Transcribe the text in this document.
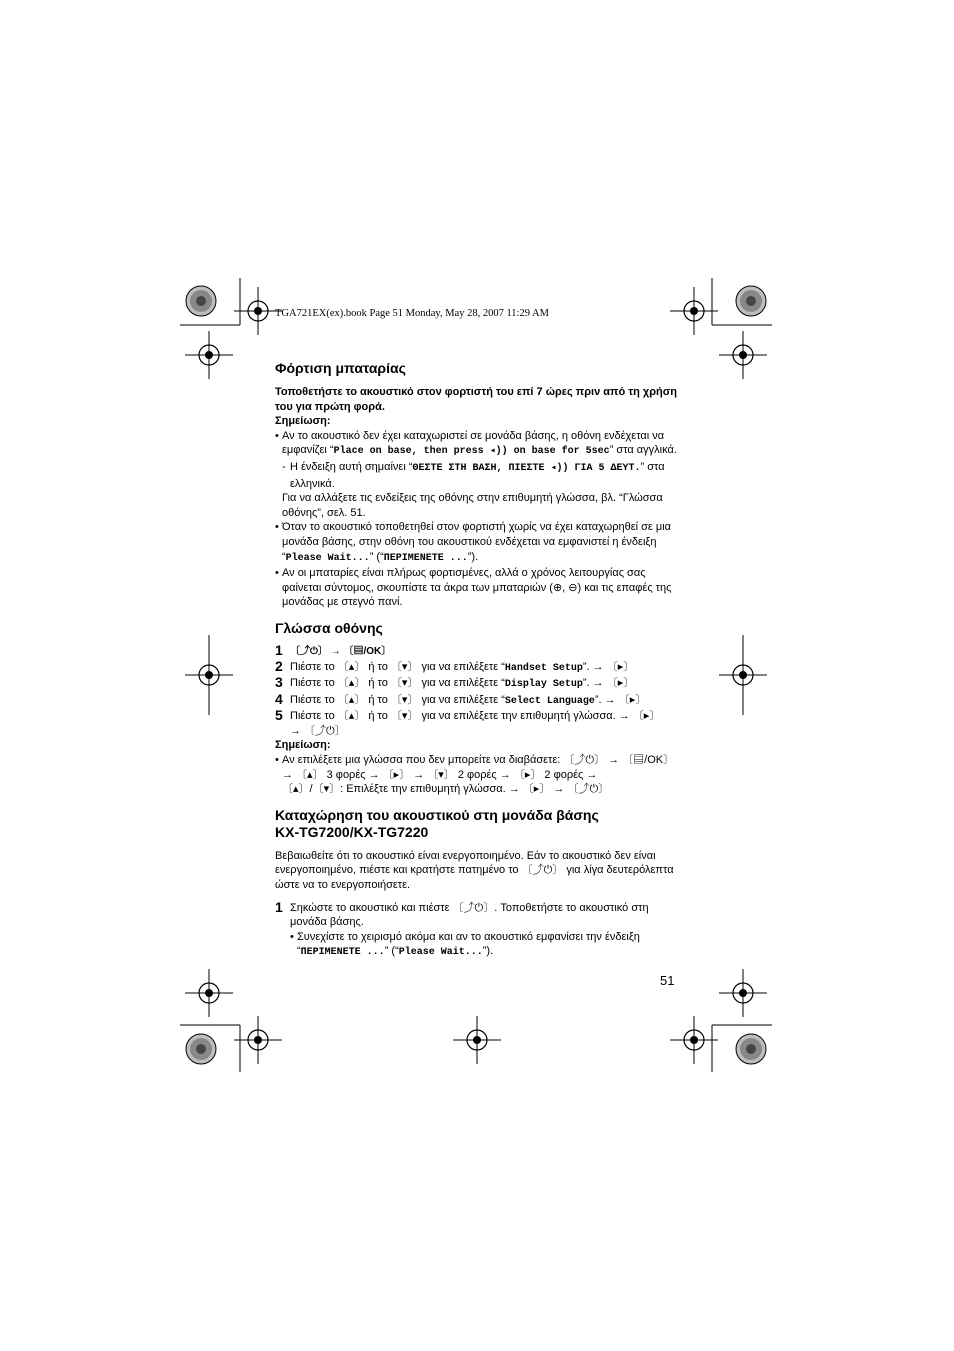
TGA721EX(ex).book Page 51 Monday, May 28, 2007 11:29 AM
Φόρτιση μπαταρίας

Τοποθετήστε το ακουστικό στον φορτιστή του επί 7 ώρες πριν από τη χρήση του για πρώτη φορά.

Σημείωση:

• Αν το ακουστικό δεν έχει καταχωριστεί σε μονάδα βάσης, η οθόνη ενδέχεται να εμφανίζει “Place on base, then press ◂)) on base for 5sec” στα αγγλικά.

- Η ένδειξη αυτή σημαίνει “ΘΕΣΤΕ ΣΤΗ ΒΑΣΗ, ΠΙΕΣΤΕ ◂)) ΓΙΑ 5 ΔΕΥΤ.” στα ελληνικά.

Για να αλλάξετε τις ενδείξεις της οθόνης στην επιθυμητή γλώσσα, βλ. “Γλώσσα οθόνης”, σελ. 51.

• Όταν το ακουστικό τοποθετηθεί στον φορτιστή χωρίς να έχει καταχωρηθεί σε μια μονάδα βάσης, στην οθόνη του ακουστικού ενδέχεται να εμφανιστεί η ένδειξη “Please Wait...” (“ΠΕΡΙΜΕΝΕΤΕ ...”).

• Αν οι μπαταρίες είναι πλήρως φορτισμένες, αλλά ο χρόνος λειτουργίας σας φαίνεται σύντομος, σκουπίστε τα άκρα των μπαταριών (⊕, ⊖) και τις επαφές της μονάδας με στεγνό πανί.

Γλώσσα οθόνης

1 〔⤴⏻〕 → 〔▤/OK〕

2 Πιέστε το 〔▴〕 ή το 〔▾〕 για να επιλέξετε “Handset Setup”. → 〔▸〕

3 Πιέστε το 〔▴〕 ή το 〔▾〕 για να επιλέξετε “Display Setup”. → 〔▸〕

4 Πιέστε το 〔▴〕 ή το 〔▾〕 για να επιλέξετε “Select Language”. → 〔▸〕

5 Πιέστε το 〔▴〕 ή το 〔▾〕 για να επιλέξετε την επιθυμητή γλώσσα. → 〔▸〕

→ 〔⤴⏻〕

Σημείωση:

• Αν επιλέξετε μια γλώσσα που δεν μπορείτε να διαβάσετε: 〔⤴⏻〕 → 〔▤/OK〕

→ 〔▴〕 3 φορές → 〔▸〕 → 〔▾〕 2 φορές → 〔▸〕 2 φορές →

〔▴〕/〔▾〕: Επιλέξτε την επιθυμητή γλώσσα. → 〔▸〕 → 〔⤴⏻〕

Καταχώρηση του ακουστικού στη μονάδα βάσης
KX-TG7200/KX-TG7220

Βεβαιωθείτε ότι το ακουστικό είναι ενεργοποιημένο. Εάν το ακουστικό δεν είναι ενεργοποιημένο, πιέστε και κρατήστε πατημένο το 〔⤴⏻〕 για λίγα δευτερόλεπτα ώστε να το ενεργοποιήσετε.

1 Σηκώστε το ακουστικό και πιέστε 〔⤴⏻〕. Τοποθετήστε το ακουστικό στη μονάδα βάσης.

• Συνεχίστε το χειρισμό ακόμα και αν το ακουστικό εμφανίσει την ένδειξη “ΠΕΡΙΜΕΝΕΤΕ ...” (“Please Wait...”).

51
